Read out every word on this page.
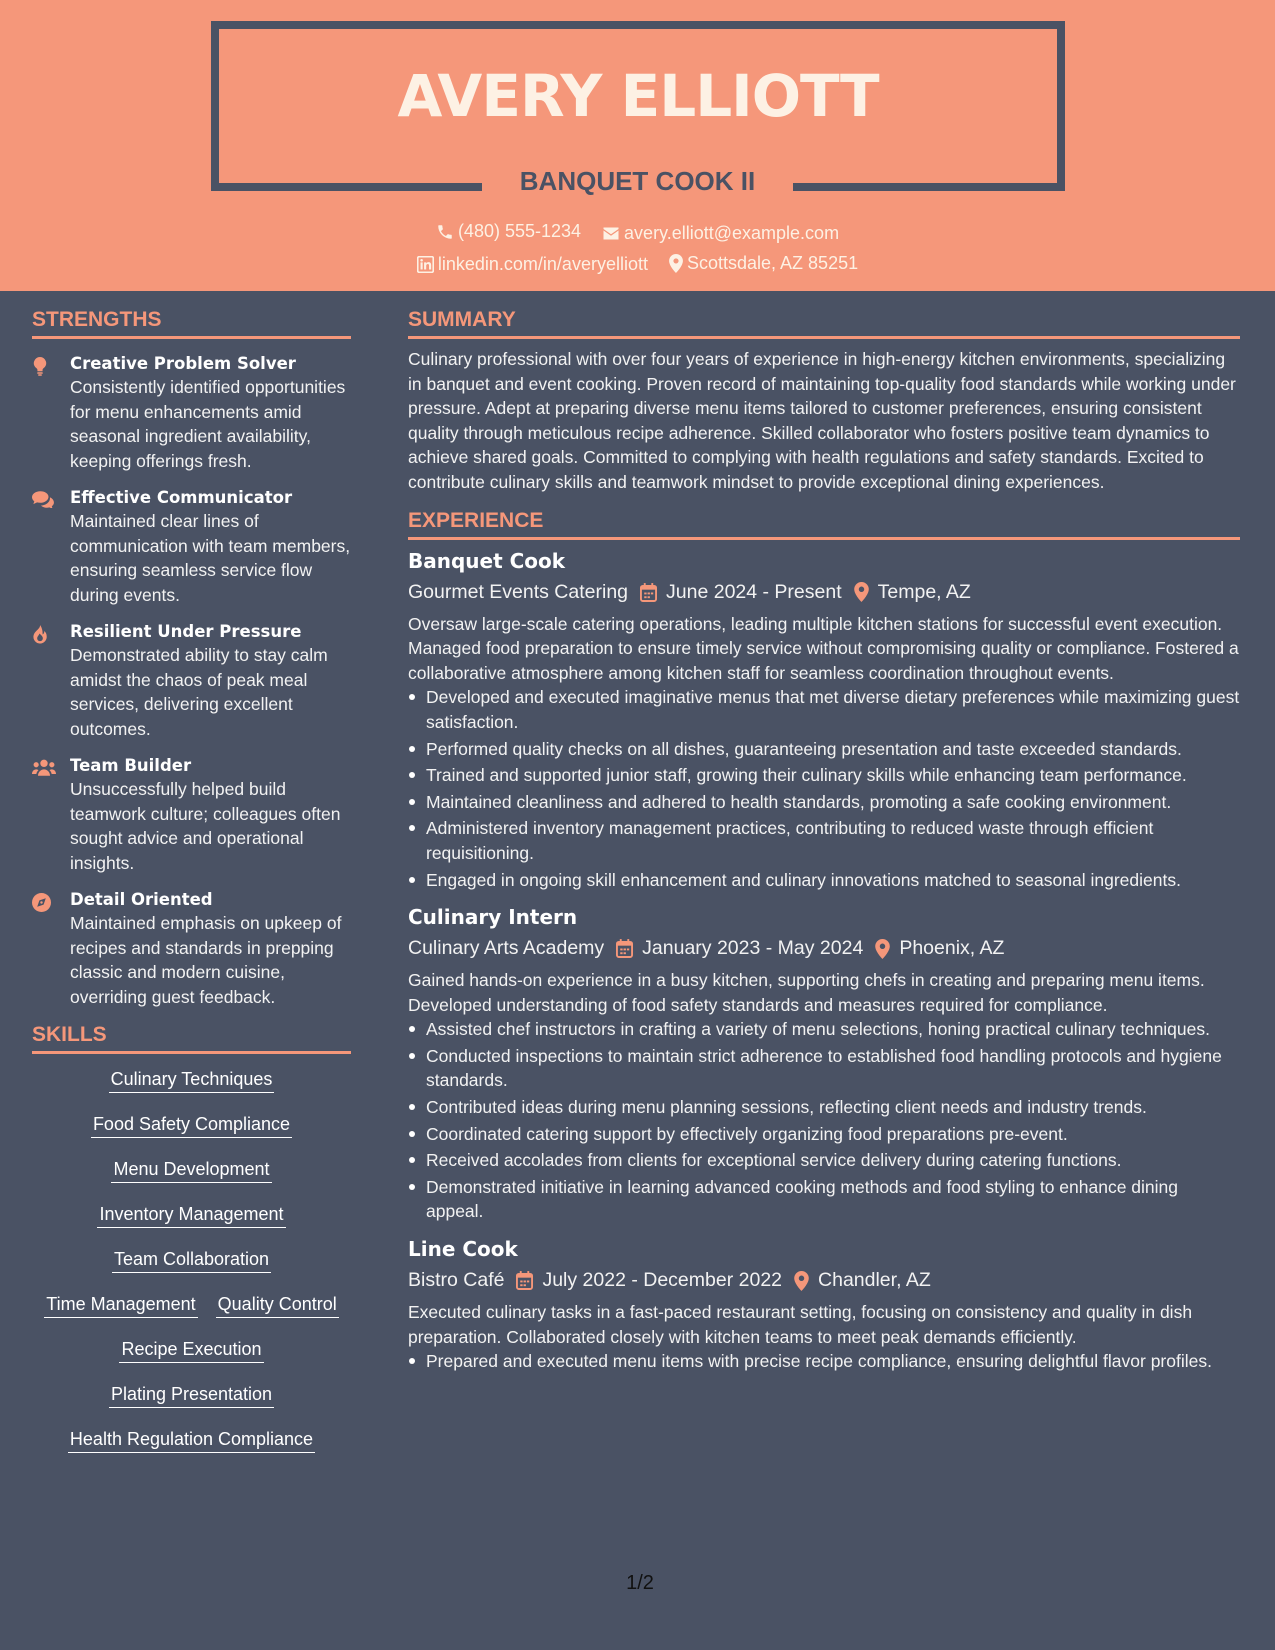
AVERY ELLIOTT
BANQUET COOK II
(480) 555-1234
avery.elliott@example.com
linkedin.com/in/averyelliott
Scottsdale, AZ 85251
STRENGTHS
Creative Problem Solver

Consistently identified opportunities for menu enhancements amid seasonal ingredient availability, keeping offerings fresh.

Effective Communicator

Maintained clear lines of communication with team members, ensuring seamless service flow during events.

Resilient Under Pressure

Demonstrated ability to stay calm amidst the chaos of peak meal services, delivering excellent outcomes.

Team Builder

Unsuccessfully helped build teamwork culture; colleagues often sought advice and operational insights.

Detail Oriented

Maintained emphasis on upkeep of recipes and standards in prepping classic and modern cuisine, overriding guest feedback.

SKILLS
Culinary Techniques
Food Safety Compliance
Menu Development
Inventory Management
Team Collaboration
Time Management Quality Control
Recipe Execution
Plating Presentation
Health Regulation Compliance
SUMMARY

Culinary professional with over four years of experience in high-energy kitchen environments, specializing in banquet and event cooking. Proven record of maintaining top-quality food standards while working under pressure. Adept at preparing diverse menu items tailored to customer preferences, ensuring consistent quality through meticulous recipe adherence. Skilled collaborator who fosters positive team dynamics to achieve shared goals. Committed to complying with health regulations and safety standards. Excited to contribute culinary skills and teamwork mindset to provide exceptional dining experiences.

EXPERIENCE
Banquet Cook
Gourmet Events Catering June 2024 - Present Tempe, AZ

Oversaw large-scale catering operations, leading multiple kitchen stations for successful event execution. Managed food preparation to ensure timely service without compromising quality or compliance. Fostered a collaborative atmosphere among kitchen staff for seamless coordination throughout events.

Developed and executed imaginative menus that met diverse dietary preferences while maximizing guest satisfaction.
Performed quality checks on all dishes, guaranteeing presentation and taste exceeded standards.
Trained and supported junior staff, growing their culinary skills while enhancing team performance.
Maintained cleanliness and adhered to health standards, promoting a safe cooking environment.
Administered inventory management practices, contributing to reduced waste through efficient requisitioning.
Engaged in ongoing skill enhancement and culinary innovations matched to seasonal ingredients.
Culinary Intern
Culinary Arts Academy January 2023 - May 2024 Phoenix, AZ

Gained hands-on experience in a busy kitchen, supporting chefs in creating and preparing menu items. Developed understanding of food safety standards and measures required for compliance.

Assisted chef instructors in crafting a variety of menu selections, honing practical culinary techniques.
Conducted inspections to maintain strict adherence to established food handling protocols and hygiene standards.
Contributed ideas during menu planning sessions, reflecting client needs and industry trends.
Coordinated catering support by effectively organizing food preparations pre-event.
Received accolades from clients for exceptional service delivery during catering functions.
Demonstrated initiative in learning advanced cooking methods and food styling to enhance dining appeal.
Line Cook
Bistro Café July 2022 - December 2022 Chandler, AZ

Executed culinary tasks in a fast-paced restaurant setting, focusing on consistency and quality in dish preparation. Collaborated closely with kitchen teams to meet peak demands efficiently.

Prepared and executed menu items with precise recipe compliance, ensuring delightful flavor profiles.
1/2
